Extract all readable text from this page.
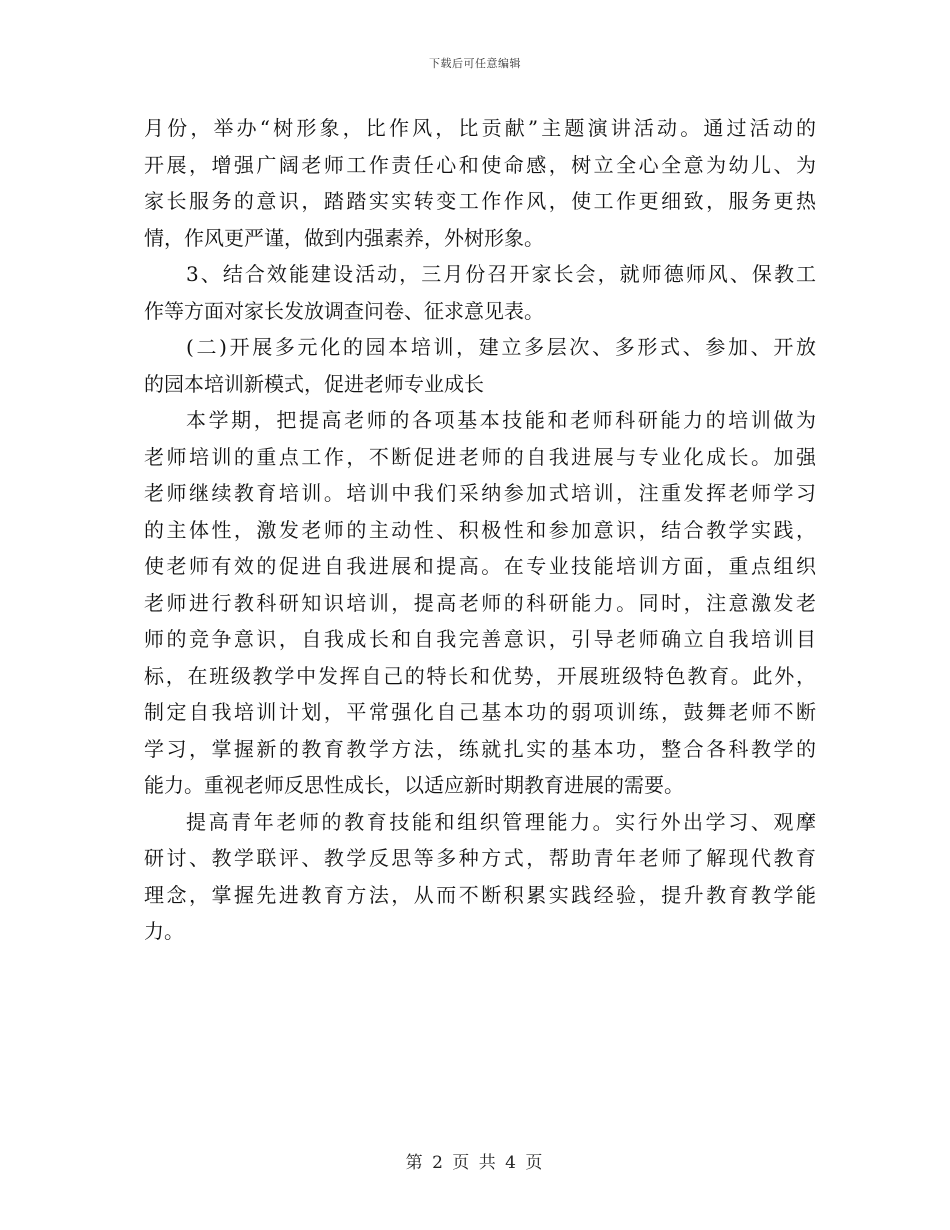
下载后可任意编辑
月份，举办“树形象，比作风，比贡献”主题演讲活动。通过活动的
开展，增强广阔老师工作责任心和使命感，树立全心全意为幼儿、为
家长服务的意识，踏踏实实转变工作作风，使工作更细致，服务更热
情，作风更严谨，做到内强素养，外树形象。
3、结合效能建设活动，三月份召开家长会，就师德师风、保教工
作等方面对家长发放调查问卷、征求意见表。
(二)开展多元化的园本培训，建立多层次、多形式、参加、开放
的园本培训新模式，促进老师专业成长
本学期，把提高老师的各项基本技能和老师科研能力的培训做为
老师培训的重点工作，不断促进老师的自我进展与专业化成长。加强
老师继续教育培训。培训中我们采纳参加式培训，注重发挥老师学习
的主体性，激发老师的主动性、积极性和参加意识，结合教学实践，
使老师有效的促进自我进展和提高。在专业技能培训方面，重点组织
老师进行教科研知识培训，提高老师的科研能力。同时，注意激发老
师的竞争意识，自我成长和自我完善意识，引导老师确立自我培训目
标，在班级教学中发挥自己的特长和优势，开展班级特色教育。此外，
制定自我培训计划，平常强化自己基本功的弱项训练，鼓舞老师不断
学习，掌握新的教育教学方法，练就扎实的基本功，整合各科教学的
能力。重视老师反思性成长，以适应新时期教育进展的需要。
提高青年老师的教育技能和组织管理能力。实行外出学习、观摩
研讨、教学联评、教学反思等多种方式，帮助青年老师了解现代教育
理念，掌握先进教育方法，从而不断积累实践经验，提升教育教学能
力。
第 2 页 共 4 页
